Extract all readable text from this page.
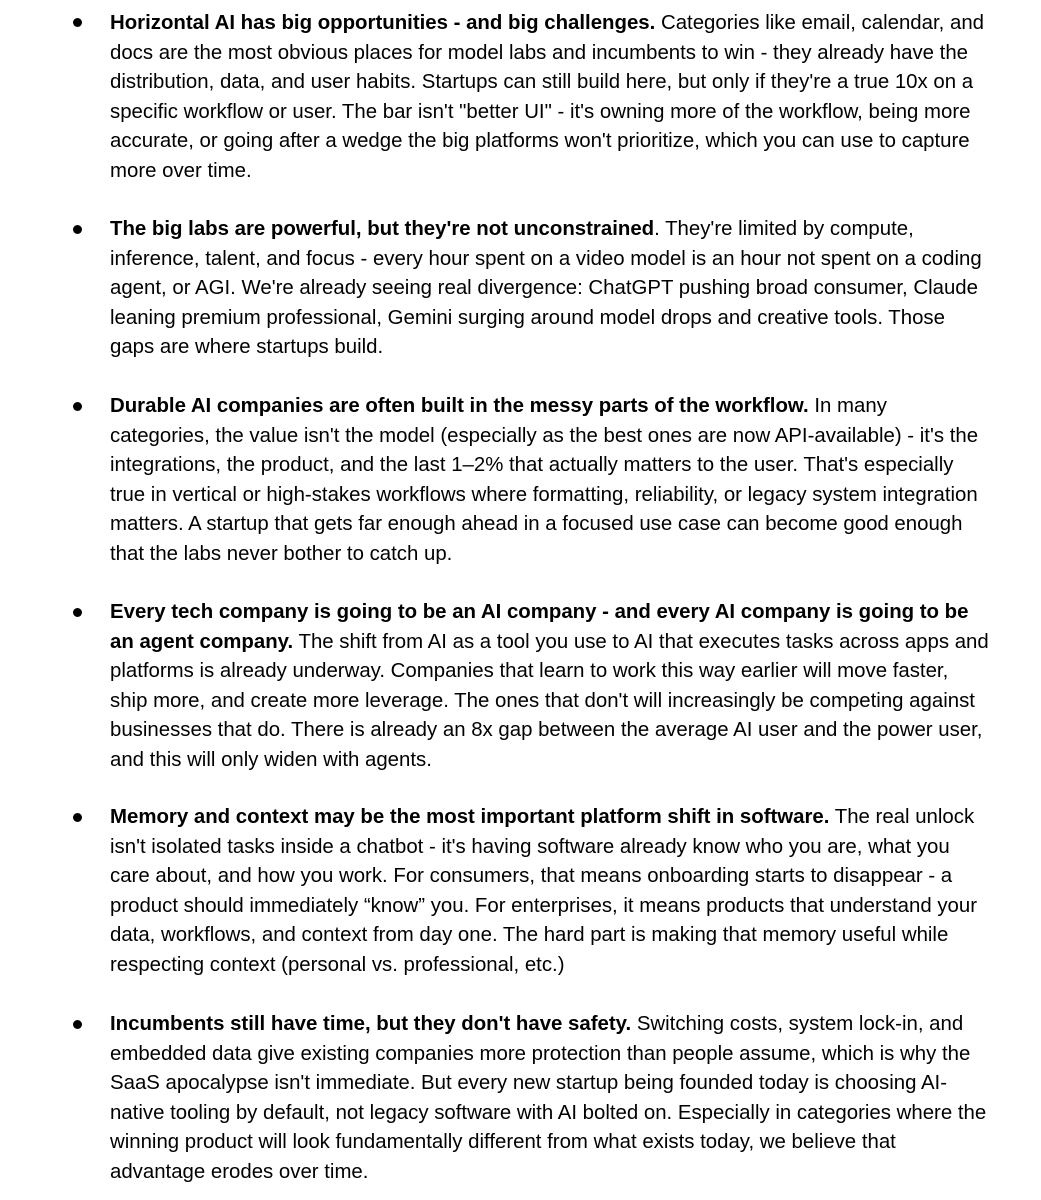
Horizontal AI has big opportunities - and big challenges. Categories like email, calendar, and docs are the most obvious places for model labs and incumbents to win - they already have the distribution, data, and user habits. Startups can still build here, but only if they're a true 10x on a specific workflow or user. The bar isn't "better UI" - it's owning more of the workflow, being more accurate, or going after a wedge the big platforms won't prioritize, which you can use to capture more over time.

The big labs are powerful, but they're not unconstrained. They're limited by compute, inference, talent, and focus - every hour spent on a video model is an hour not spent on a coding agent, or AGI. We're already seeing real divergence: ChatGPT pushing broad consumer, Claude leaning premium professional, Gemini surging around model drops and creative tools. Those gaps are where startups build.

Durable AI companies are often built in the messy parts of the workflow. In many categories, the value isn't the model (especially as the best ones are now API-available) - it's the integrations, the product, and the last 1–2% that actually matters to the user. That's especially true in vertical or high-stakes workflows where formatting, reliability, or legacy system integration matters. A startup that gets far enough ahead in a focused use case can become good enough that the labs never bother to catch up.

Every tech company is going to be an AI company - and every AI company is going to be an agent company. The shift from AI as a tool you use to AI that executes tasks across apps and platforms is already underway. Companies that learn to work this way earlier will move faster, ship more, and create more leverage. The ones that don't will increasingly be competing against businesses that do. There is already an 8x gap between the average AI user and the power user, and this will only widen with agents.

Memory and context may be the most important platform shift in software. The real unlock isn't isolated tasks inside a chatbot - it's having software already know who you are, what you care about, and how you work. For consumers, that means onboarding starts to disappear - a product should immediately “know” you. For enterprises, it means products that understand your data, workflows, and context from day one. The hard part is making that memory useful while respecting context (personal vs. professional, etc.)

Incumbents still have time, but they don't have safety. Switching costs, system lock-in, and embedded data give existing companies more protection than people assume, which is why the SaaS apocalypse isn't immediate. But every new startup being founded today is choosing AI-native tooling by default, not legacy software with AI bolted on. Especially in categories where the winning product will look fundamentally different from what exists today, we believe that advantage erodes over time.
